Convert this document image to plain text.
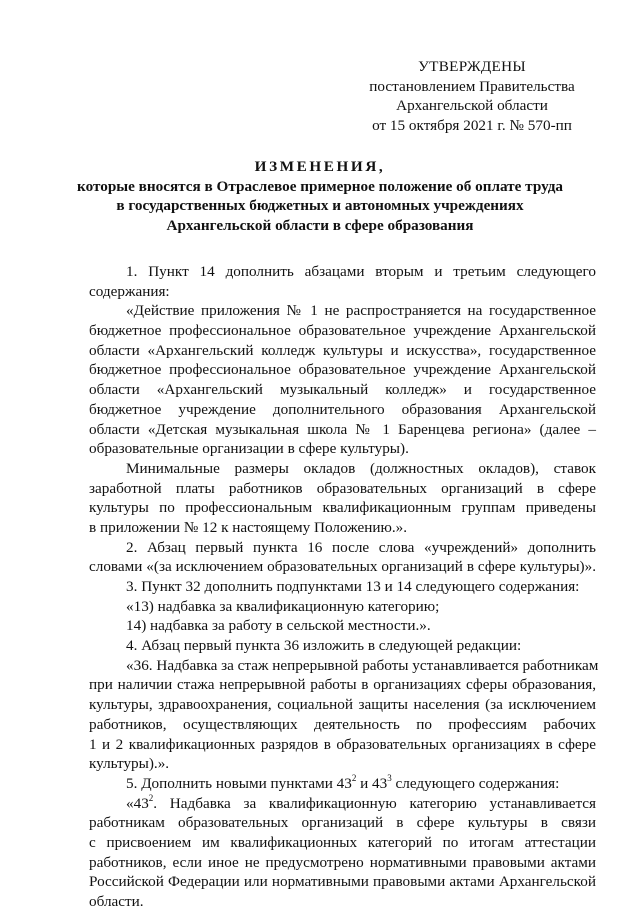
УТВЕРЖДЕНЫ
постановлением Правительства
Архангельской области
от 15 октября 2021 г. № 570-пп
ИЗМЕНЕНИЯ,
которые вносятся в Отраслевое примерное положение об оплате труда
в государственных бюджетных и автономных учреждениях
Архангельской области в сфере образования
1. Пункт 14 дополнить абзацами вторым и третьим следующего
содержания:
«Действие приложения № 1 не распространяется на государственное
бюджетное профессиональное образовательное учреждение Архангельской
области «Архангельский колледж культуры и искусства», государственное
бюджетное профессиональное образовательное учреждение Архангельской
области «Архангельский музыкальный колледж» и государственное
бюджетное учреждение дополнительного образования Архангельской
области «Детская музыкальная школа № 1 Баренцева региона» (далее –
образовательные организации в сфере культуры).
Минимальные размеры окладов (должностных окладов), ставок
заработной платы работников образовательных организаций в сфере
культуры по профессиональным квалификационным группам приведены
в приложении № 12 к настоящему Положению.».
2. Абзац первый пункта 16 после слова «учреждений» дополнить
словами «(за исключением образовательных организаций в сфере культуры)».
3. Пункт 32 дополнить подпунктами 13 и 14 следующего содержания:
«13) надбавка за квалификационную категорию;
14) надбавка за работу в сельской местности.».
4. Абзац первый пункта 36 изложить в следующей редакции:
«36. Надбавка за стаж непрерывной работы устанавливается работникам
при наличии стажа непрерывной работы в организациях сферы образования,
культуры, здравоохранения, социальной защиты населения (за исключением
работников, осуществляющих деятельность по профессиям рабочих
1 и 2 квалификационных разрядов в образовательных организациях в сфере
культуры).».
5. Дополнить новыми пунктами $43^2$ и $43^3$ следующего содержания:
«$43^2$. Надбавка за квалификационную категорию устанавливается
работникам образовательных организаций в сфере культуры в связи
с присвоением им квалификационных категорий по итогам аттестации
работников, если иное не предусмотрено нормативными правовыми актами
Российской Федерации или нормативными правовыми актами Архангельской
области.
